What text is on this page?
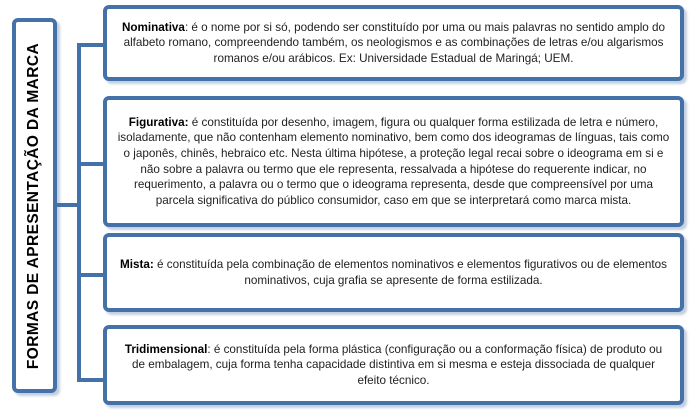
FORMAS DE APRESENTAÇÃO DA MARCA

Nominativa: é o nome por si só, podendo ser constituído por uma ou mais palavras no sentido amplo do alfabeto romano, compreendendo também, os neologismos e as combinações de letras e/ou algarismos romanos e/ou arábicos. Ex: Universidade Estadual de Maringá; UEM.

Figurativa: é constituída por desenho, imagem, figura ou qualquer forma estilizada de letra e número, isoladamente, que não contenham elemento nominativo, bem como dos ideogramas de línguas, tais como o japonês, chinês, hebraico etc. Nesta última hipótese, a proteção legal recai sobre o ideograma em si e não sobre a palavra ou termo que ele representa, ressalvada a hipótese do requerente indicar, no requerimento, a palavra ou o termo que o ideograma representa, desde que compreensível por uma parcela significativa do público consumidor, caso em que se interpretará como marca mista.

Mista: é constituída pela combinação de elementos nominativos e elementos figurativos ou de elementos nominativos, cuja grafia se apresente de forma estilizada.

Tridimensional: é constituída pela forma plástica (configuração ou a conformação física) de produto ou de embalagem, cuja forma tenha capacidade distintiva em si mesma e esteja dissociada de qualquer efeito técnico.
